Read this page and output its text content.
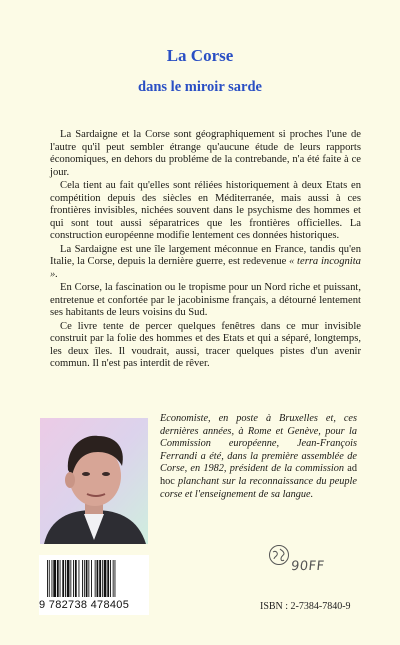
La Corse
dans le miroir sarde

La Sardaigne et la Corse sont géographiquement si proches l'une de l'autre qu'il peut sembler étrange qu'aucune étude de leurs rapports économiques, en dehors du probléme de la contrebande, n'a été faite à ce jour.

Cela tient au fait qu'elles sont réliées historiquement à deux Etats en compétition depuis des siècles en Méditerranée, mais aussi à ces frontières invisibles, nichées souvent dans le psychisme des hommes et qui sont tout aussi séparatrices que les frontières officielles. La construction européenne modifie lentement ces données historiques.

La Sardaigne est une île largement méconnue en France, tandis qu'en Italie, la Corse, depuis la dernière guerre, est redevenue « terra incognita ».

En Corse, la fascination ou le tropisme pour un Nord riche et puissant, entretenue et confortée par le jacobinisme français, a détourné lentement ses habitants de leurs voisins du Sud.

Ce livre tente de percer quelques fenêtres dans ce mur invisible construit par la folie des hommes et des Etats et qui a séparé, longtemps, les deux îles. Il voudrait, aussi, tracer quelques pistes d'un avenir commun. Il n'est pas interdit de rêver.

Economiste, en poste à Bruxelles et, ces dernières années, à Rome et Genève, pour la Commission européenne, Jean-François Ferrandi a été, dans la première assemblée de Corse, en 1982, président de la commission ad hoc planchant sur la reconnaissance du peuple corse et l'enseignement de sa langue.
90FF
9 782738 478405	ISBN : 2-7384-7840-9
